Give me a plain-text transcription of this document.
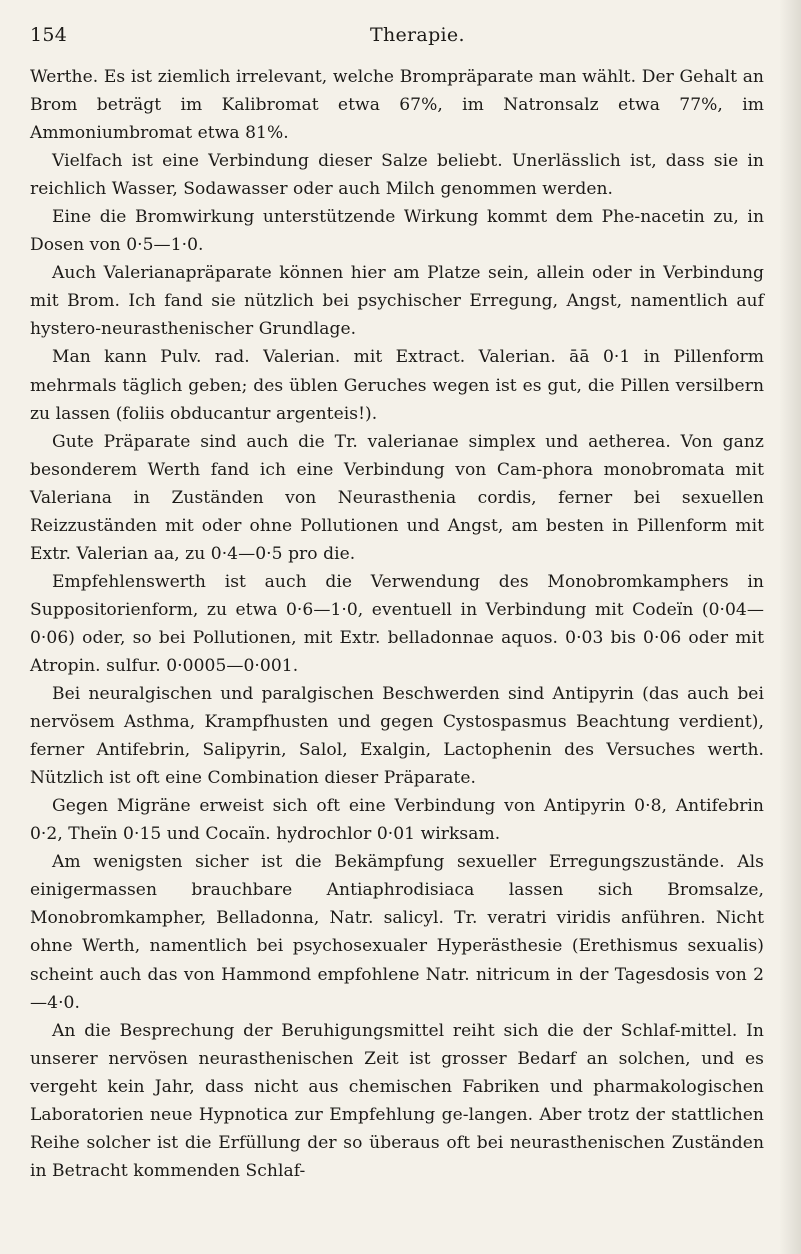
154	Therapie.

Werthe. Es ist ziemlich irrelevant, welche Brompräparate man wählt. Der Gehalt an Brom beträgt im Kalibromat etwa 67%, im Natronsalz etwa 77%, im Ammoniumbromat etwa 81%.

Vielfach ist eine Verbindung dieser Salze beliebt. Unerlässlich ist, dass sie in reichlich Wasser, Sodawasser oder auch Milch genommen werden.

Eine die Bromwirkung unterstützende Wirkung kommt dem Phe-nacetin zu, in Dosen von 0·5—1·0.

Auch Valerianapräparate können hier am Platze sein, allein oder in Verbindung mit Brom. Ich fand sie nützlich bei psychischer Erregung, Angst, namentlich auf hystero-neurasthenischer Grundlage.

Man kann Pulv. rad. Valerian. mit Extract. Valerian. āā 0·1 in Pillenform mehrmals täglich geben; des üblen Geruches wegen ist es gut, die Pillen versilbern zu lassen (foliis obducantur argenteis!).

Gute Präparate sind auch die Tr. valerianae simplex und aetherea. Von ganz besonderem Werth fand ich eine Verbindung von Cam-phora monobromata mit Valeriana in Zuständen von Neurasthenia cordis, ferner bei sexuellen Reizzuständen mit oder ohne Pollutionen und Angst, am besten in Pillenform mit Extr. Valerian aa, zu 0·4—0·5 pro die.

Empfehlenswerth ist auch die Verwendung des Monobromkamphers in Suppositorienform, zu etwa 0·6—1·0, eventuell in Verbindung mit Codeïn (0·04—0·06) oder, so bei Pollutionen, mit Extr. belladonnae aquos. 0·03 bis 0·06 oder mit Atropin. sulfur. 0·0005—0·001.

Bei neuralgischen und paralgischen Beschwerden sind Antipyrin (das auch bei nervösem Asthma, Krampfhusten und gegen Cystospasmus Beachtung verdient), ferner Antifebrin, Salipyrin, Salol, Exalgin, Lactophenin des Versuches werth. Nützlich ist oft eine Combination dieser Präparate.

Gegen Migräne erweist sich oft eine Verbindung von Antipyrin 0·8, Antifebrin 0·2, Theïn 0·15 und Cocaïn. hydrochlor 0·01 wirksam.

Am wenigsten sicher ist die Bekämpfung sexueller Erregungszustände. Als einigermassen brauchbare Antiaphrodisiaca lassen sich Bromsalze, Monobromkampher, Belladonna, Natr. salicyl. Tr. veratri viridis anführen. Nicht ohne Werth, namentlich bei psychosexualer Hyperästhesie (Erethismus sexualis) scheint auch das von Hammond empfohlene Natr. nitricum in der Tagesdosis von 2—4·0.

An die Besprechung der Beruhigungsmittel reiht sich die der Schlaf-mittel. In unserer nervösen neurasthenischen Zeit ist grosser Bedarf an solchen, und es vergeht kein Jahr, dass nicht aus chemischen Fabriken und pharmakologischen Laboratorien neue Hypnotica zur Empfehlung ge-langen. Aber trotz der stattlichen Reihe solcher ist die Erfüllung der so überaus oft bei neurasthenischen Zuständen in Betracht kommenden Schlaf-
